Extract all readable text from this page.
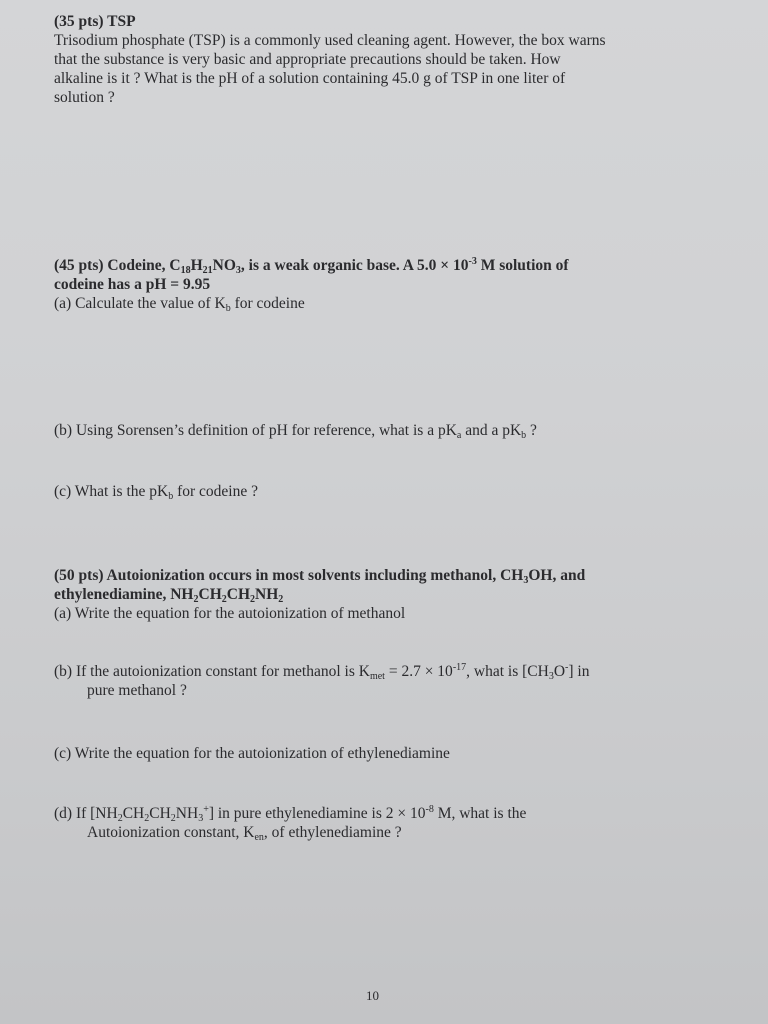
(35 pts) TSP

Trisodium phosphate (TSP) is a commonly used cleaning agent. However, the box warns

that the substance is very basic and appropriate precautions should be taken. How

alkaline is it ? What is the pH of a solution containing 45.0 g of TSP in one liter of

solution ?

(45 pts) Codeine, $C_{18}H_{21}NO_3$, is a weak organic base. A $5.0 \times 10^{-3}$ M solution of

codeine has a pH = 9.95

(a) Calculate the value of $K_b$ for codeine

(b) Using Sorensen’s definition of pH for reference, what is a $pK_a$ and a $pK_b$ ?

(c) What is the $pK_b$ for codeine ?

(50 pts) Autoionization occurs in most solvents including methanol, $CH_3OH$, and

ethylenediamine, $NH_2CH_2CH_2NH_2$

(a) Write the equation for the autoionization of methanol

(b) If the autoionization constant for methanol is $K_{met} = 2.7 \times 10^{-17}$, what is $[CH_3O^-]$ in

pure methanol ?

(c) Write the equation for the autoionization of ethylenediamine

(d) If $[NH_2CH_2CH_2NH_3^+]$ in pure ethylenediamine is $2 \times 10^{-8}$ M, what is the

Autoionization constant, $K_{en}$, of ethylenediamine ?

10
